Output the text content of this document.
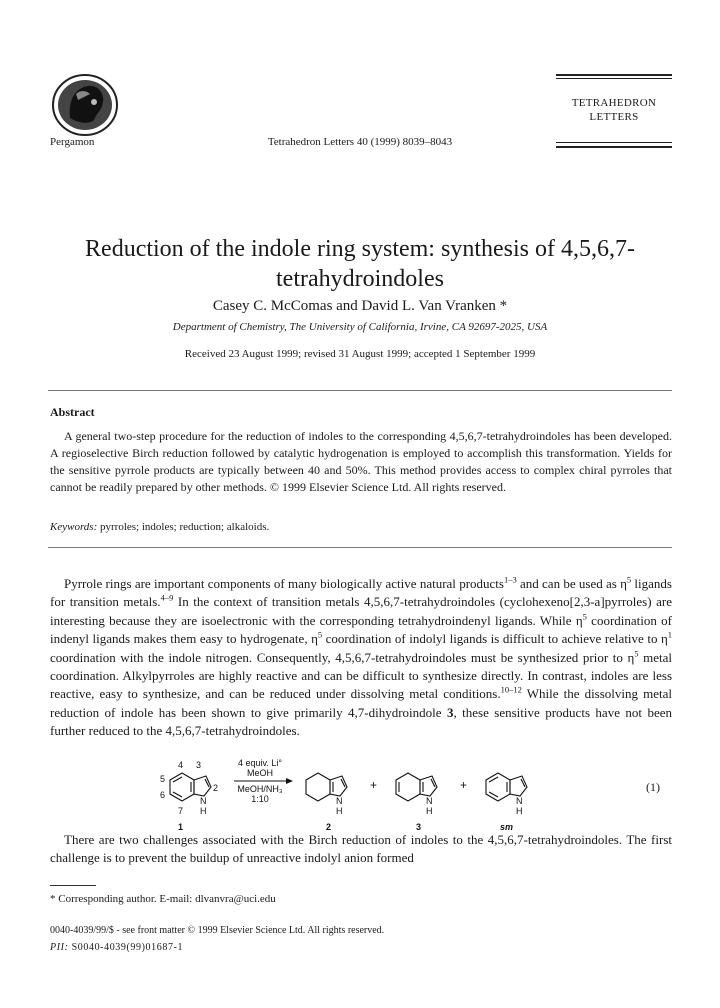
Pergamon	Tetrahedron Letters 40 (1999) 8039–8043
TETRAHEDRON
LETTERS
Reduction of the indole ring system: synthesis of 4,5,6,7-
tetrahydroindoles
Casey C. McComas and David L. Van Vranken *
Department of Chemistry, The University of California, Irvine, CA 92697-2025, USA
Received 23 August 1999; revised 31 August 1999; accepted 1 September 1999
Abstract

A general two-step procedure for the reduction of indoles to the corresponding 4,5,6,7-tetrahydroindoles has been developed. A regioselective Birch reduction followed by catalytic hydrogenation is employed to accomplish this transformation. Yields for the sensitive pyrrole products are typically between 40 and 50%. This method provides access to complex chiral pyrroles that cannot be readily prepared by other methods. © 1999 Elsevier Science Ltd. All rights reserved.

Keywords: pyrroles; indoles; reduction; alkaloids.

Pyrrole rings are important components of many biologically active natural products$^{1-3}$ and can be used as $\eta^5$ ligands for transition metals.$^{4-9}$ In the context of transition metals 4,5,6,7-tetrahydroindoles (cyclohexeno[2,3-a]pyrroles) are interesting because they are isoelectronic with the corresponding tetrahydroindenyl ligands. While $\eta^5$ coordination of indenyl ligands makes them easy to hydrogenate, $\eta^5$ coordination of indolyl ligands is difficult to achieve relative to $\eta^1$ coordination with the indole nitrogen. Consequently, 4,5,6,7-tetrahydroindoles must be synthesized prior to $\eta^5$ metal coordination. Alkylpyrroles are highly reactive and can be difficult to synthesize directly. In contrast, indoles are less reactive, easy to synthesize, and can be reduced under dissolving metal conditions.$^{10-12}$ While the dissolving metal reduction of indole has been shown to give primarily 4,7-dihydroindole 3, these sensitive products have not been further reduced to the 4,5,6,7-tetrahydroindoles.

4 3
5
2
6
N
7 H
1
4 equiv. Li°
MeOH
MeOH/NH₃
1:10	N
H
2
+
N
H
3
+
N
H
sm
(1)

There are two challenges associated with the Birch reduction of indoles to the 4,5,6,7-tetrahydroindoles. The first challenge is to prevent the buildup of unreactive indolyl anion formed

* Corresponding author. E-mail: dlvanvra@uci.edu
0040-4039/99/$ - see front matter © 1999 Elsevier Science Ltd. All rights reserved.
PII: S0040-4039(99)01687-1
